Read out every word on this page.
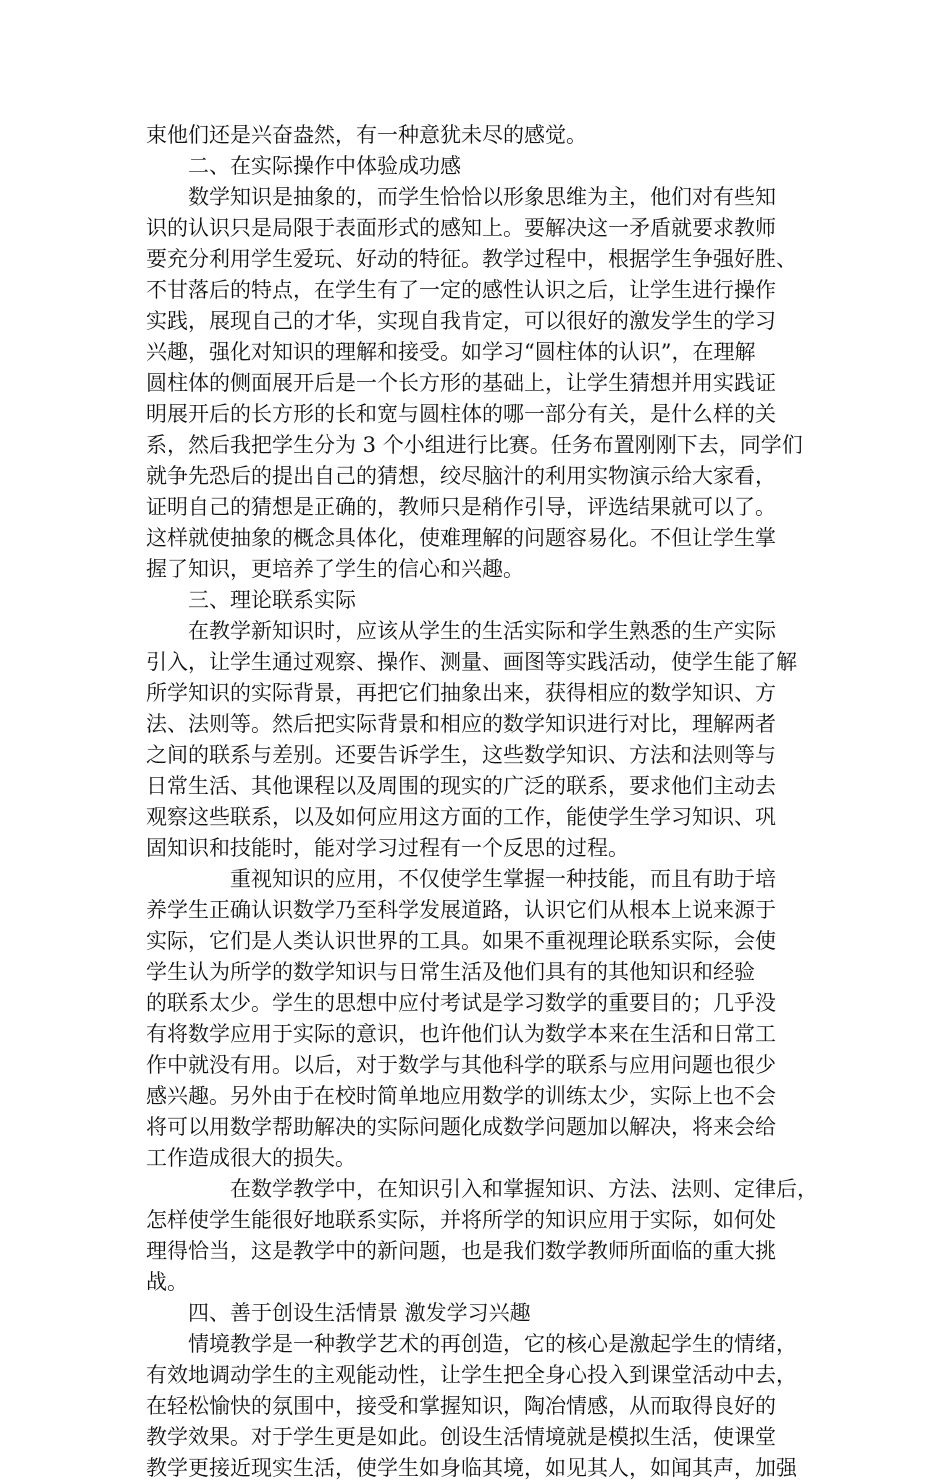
束他们还是兴奋盎然，有一种意犹未尽的感觉。
二、在实际操作中体验成功感
数学知识是抽象的，而学生恰恰以形象思维为主，他们对有些知
识的认识只是局限于表面形式的感知上。要解决这一矛盾就要求教师
要充分利用学生爱玩、好动的特征。教学过程中，根据学生争强好胜、
不甘落后的特点，在学生有了一定的感性认识之后，让学生进行操作
实践，展现自己的才华，实现自我肯定，可以很好的激发学生的学习
兴趣，强化对知识的理解和接受。如学习“圆柱体的认识”，在理解
圆柱体的侧面展开后是一个长方形的基础上，让学生猜想并用实践证
明展开后的长方形的长和宽与圆柱体的哪一部分有关，是什么样的关
系，然后我把学生分为 3 个小组进行比赛。任务布置刚刚下去，同学们
就争先恐后的提出自己的猜想，绞尽脑汁的利用实物演示给大家看，
证明自己的猜想是正确的，教师只是稍作引导，评选结果就可以了。
这样就使抽象的概念具体化，使难理解的问题容易化。不但让学生掌
握了知识，更培养了学生的信心和兴趣。
三、理论联系实际
在教学新知识时，应该从学生的生活实际和学生熟悉的生产实际
引入，让学生通过观察、操作、测量、画图等实践活动，使学生能了解
所学知识的实际背景，再把它们抽象出来，获得相应的数学知识、方
法、法则等。然后把实际背景和相应的数学知识进行对比，理解两者
之间的联系与差别。还要告诉学生，这些数学知识、方法和法则等与
日常生活、其他课程以及周围的现实的广泛的联系，要求他们主动去
观察这些联系，以及如何应用这方面的工作，能使学生学习知识、巩
固知识和技能时，能对学习过程有一个反思的过程。
重视知识的应用，不仅使学生掌握一种技能，而且有助于培
养学生正确认识数学乃至科学发展道路，认识它们从根本上说来源于
实际，它们是人类认识世界的工具。如果不重视理论联系实际，会使
学生认为所学的数学知识与日常生活及他们具有的其他知识和经验
的联系太少。学生的思想中应付考试是学习数学的重要目的；几乎没
有将数学应用于实际的意识，也许他们认为数学本来在生活和日常工
作中就没有用。以后，对于数学与其他科学的联系与应用问题也很少
感兴趣。另外由于在校时简单地应用数学的训练太少，实际上也不会
将可以用数学帮助解决的实际问题化成数学问题加以解决，将来会给
工作造成很大的损失。
在数学教学中，在知识引入和掌握知识、方法、法则、定律后，
怎样使学生能很好地联系实际，并将所学的知识应用于实际，如何处
理得恰当，这是教学中的新问题，也是我们数学教师所面临的重大挑
战。
四、善于创设生活情景 激发学习兴趣
情境教学是一种教学艺术的再创造，它的核心是激起学生的情绪，
有效地调动学生的主观能动性，让学生把全身心投入到课堂活动中去，
在轻松愉快的氛围中，接受和掌握知识，陶冶情感，从而取得良好的
教学效果。对于学生更是如此。创设生活情境就是模拟生活，使课堂
教学更接近现实生活，使学生如身临其境，如见其人，如闻其声，加强
